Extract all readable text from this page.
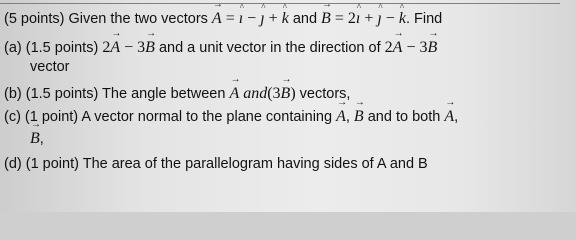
(5 points) Given the two vectors→ A = ^ ı − ^ ȷ + ^ k and → B = 2^ ı + ^ ȷ − ^ k. Find
(a) (1.5 points) 2→ A − 3→ B and a unit vector in the direction of 2→ A − 3→ B
vector
(b) (1.5 points) The angle between → A and(3→ B) vectors,
(c) (1 point) A vector normal to the plane containing → A, → B and to both → A,
→ B,
(d) (1 point) The area of the parallelogram having sides of A and B
